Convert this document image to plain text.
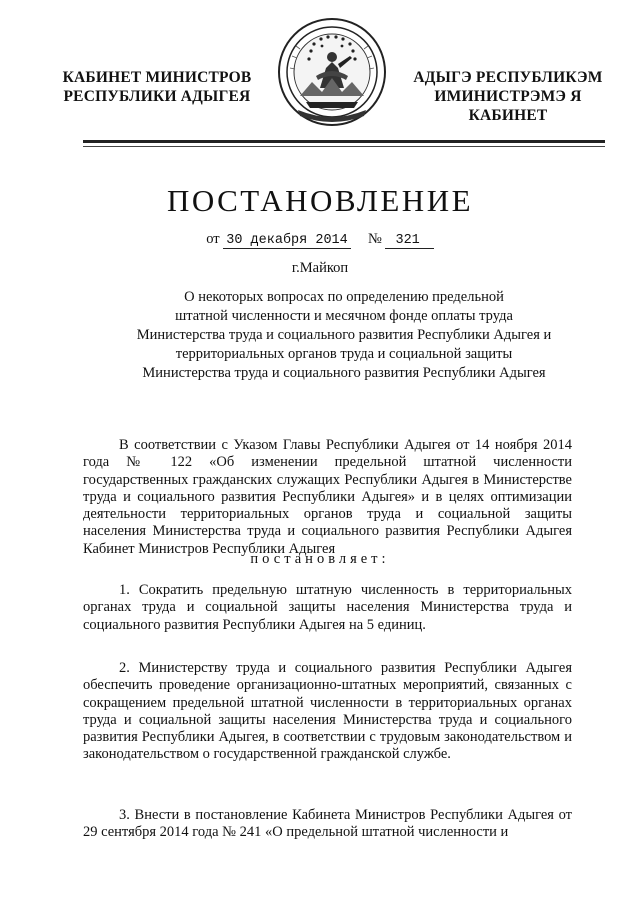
КАБИНЕТ МИНИСТРОВ
РЕСПУБЛИКИ АДЫГЕЯ
АДЫГЭ РЕСПУБЛИКЭМ
ИМИНИСТРЭМЭ Я КАБИНЕТ
ПОСТАНОВЛЕНИЕ
от 30 декабря 2014 № 321
г.Майкоп
О некоторых вопросах по определению предельной
штатной численности и месячном фонде оплаты труда
Министерства труда и социального развития Республики Адыгея и
территориальных органов труда и социальной защиты
Министерства труда и социального развития Республики Адыгея
В соответствии с Указом Главы Республики Адыгея от 14 ноября 2014 года № 122 «Об изменении предельной штатной численности государственных гражданских служащих Республики Адыгея в Министерстве труда и социального развития Республики Адыгея» и в целях оптимизации деятельности территориальных органов труда и социальной защиты населения Министерства труда и социального развития Республики Адыгея Кабинет Министров Республики Адыгея
постановляет:
1. Сократить предельную штатную численность в территориальных органах труда и социальной защиты населения Министерства труда и социального развития Республики Адыгея на 5 единиц.
2. Министерству труда и социального развития Республики Адыгея обеспечить проведение организационно-штатных мероприятий, связанных с сокращением предельной штатной численности в территориальных органах труда и социальной защиты населения Министерства труда и социального развития Республики Адыгея, в соответствии с трудовым законодательством и законодательством о государственной гражданской службе.
3. Внести в постановление Кабинета Министров Республики Адыгея от 29 сентября 2014 года № 241 «О предельной штатной численности и
